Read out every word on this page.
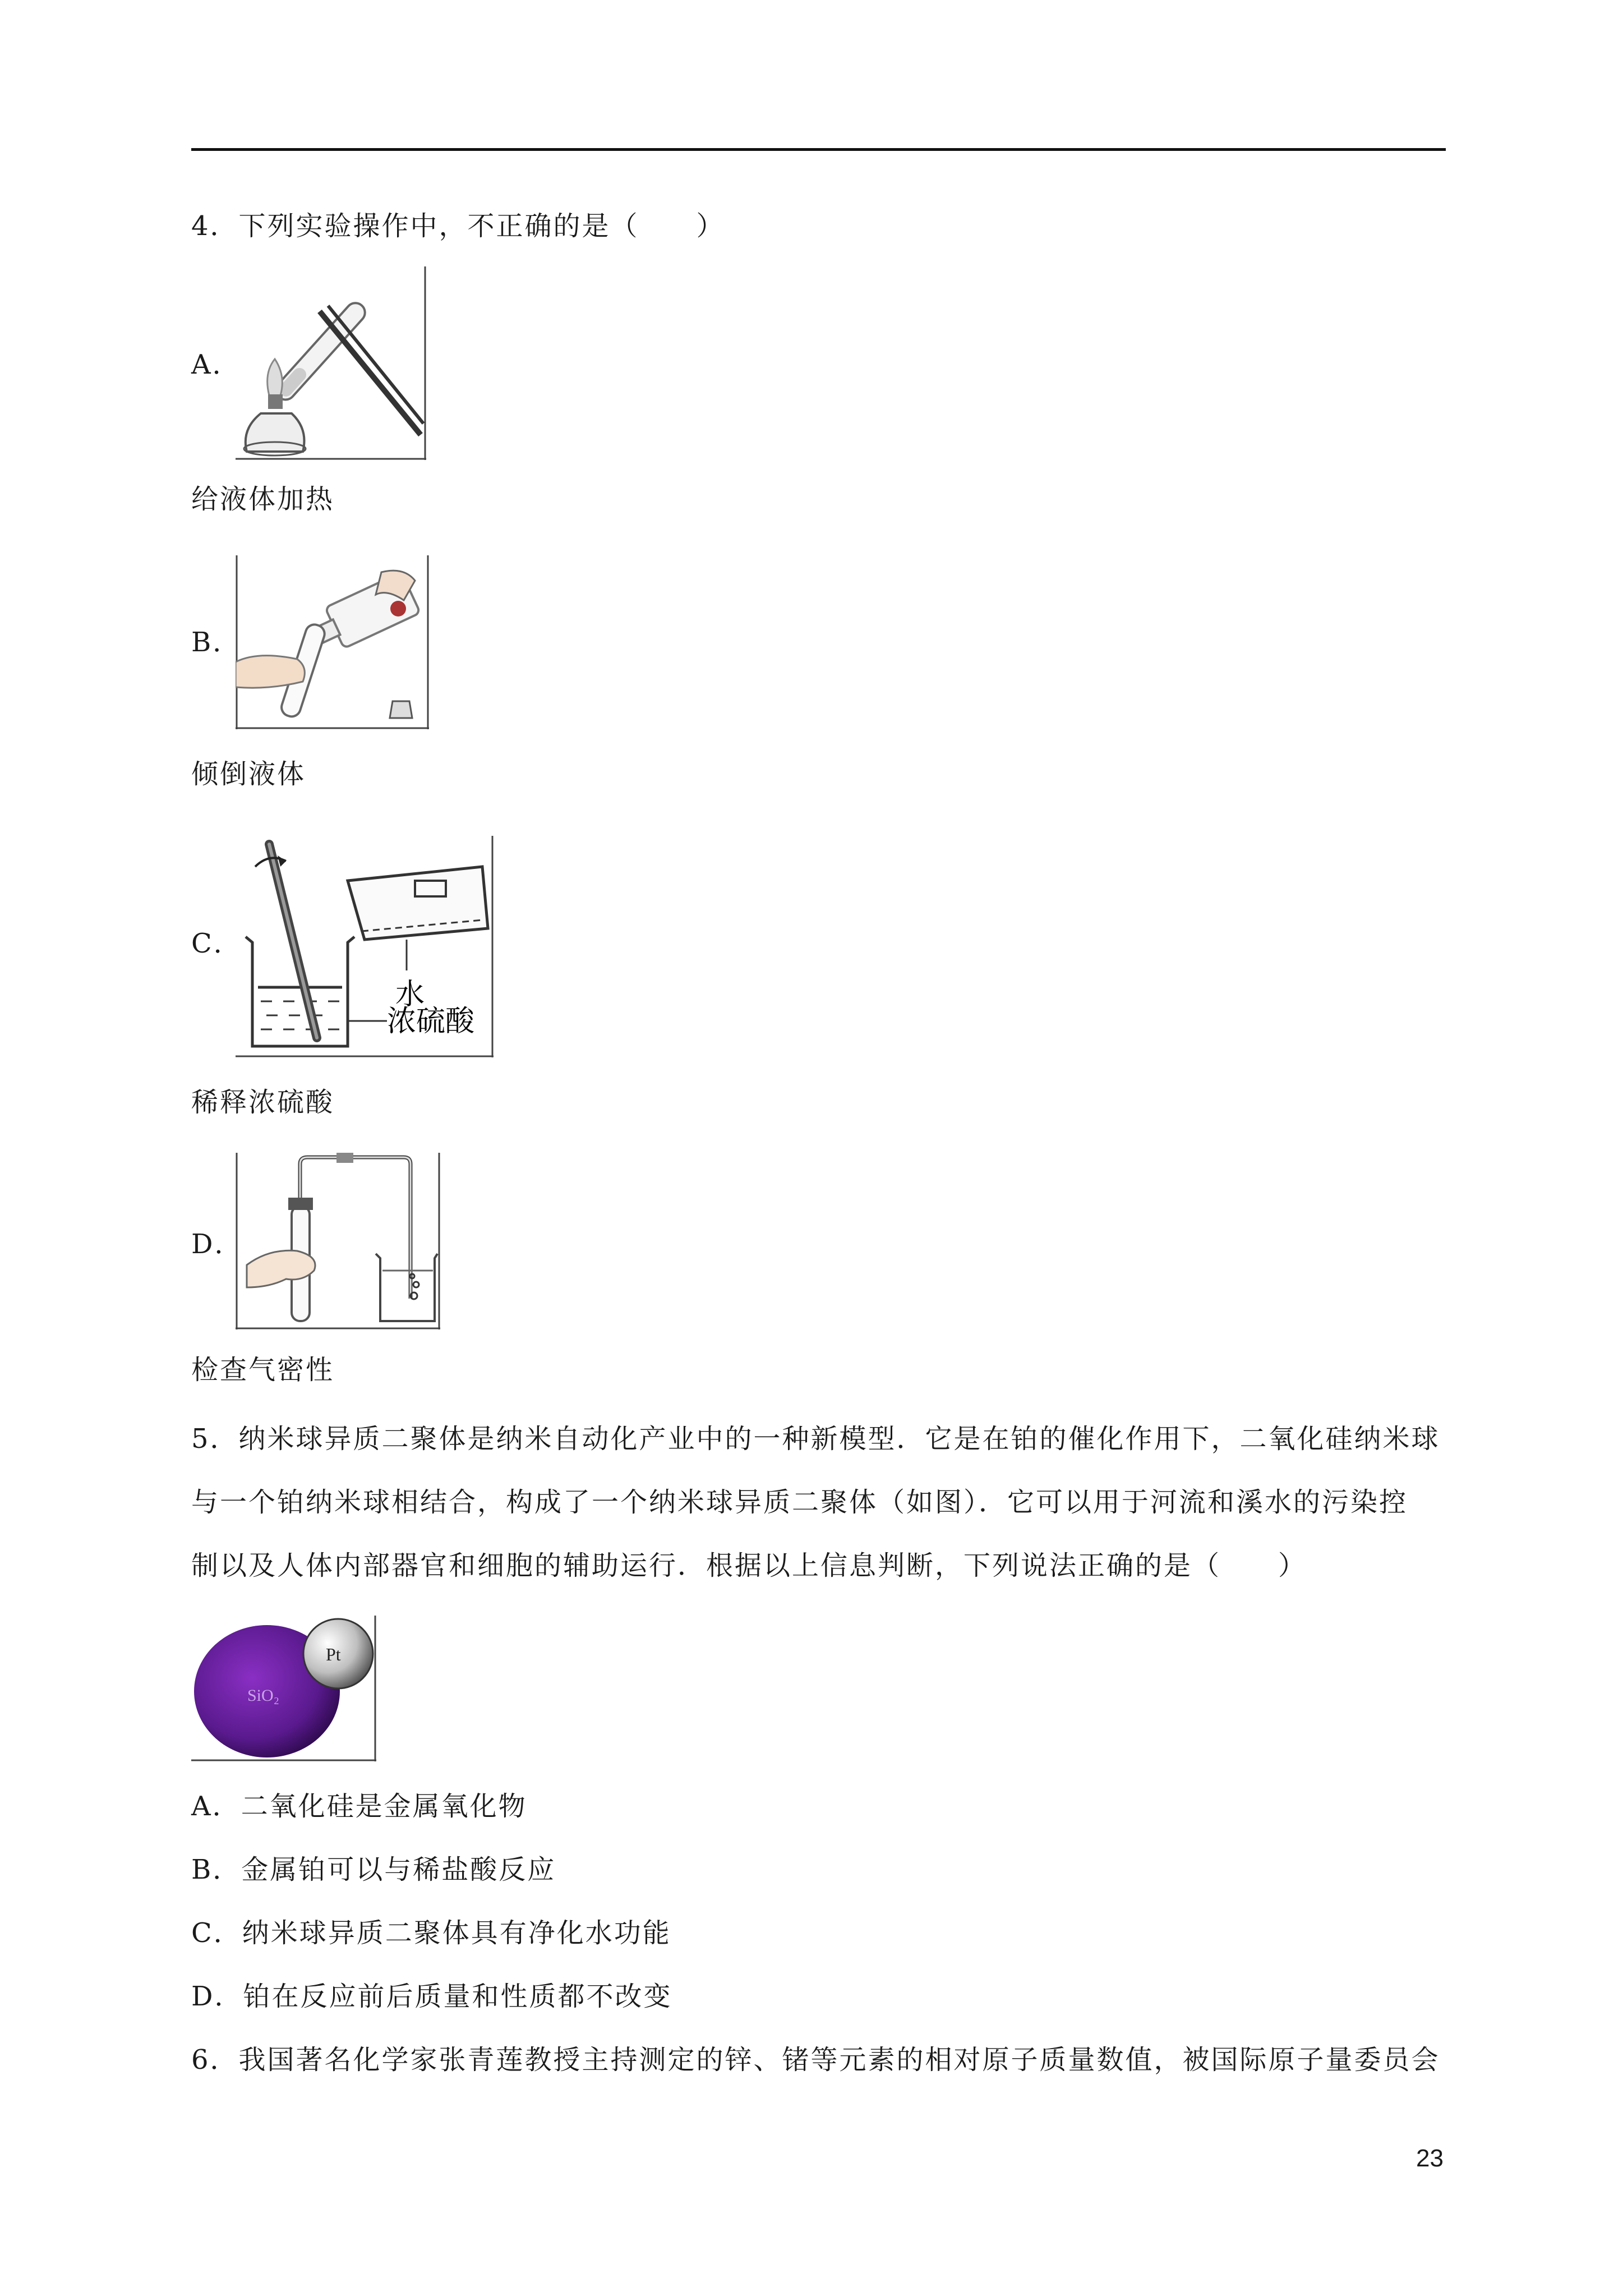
4．下列实验操作中，不正确的是（　　）
A．
给液体加热
B．
倾倒液体
C．
水
浓硫酸
稀释浓硫酸
D．
检查气密性
5．纳米球异质二聚体是纳米自动化产业中的一种新模型．它是在铂的催化作用下，二氧化硅纳米球
与一个铂纳米球相结合，构成了一个纳米球异质二聚体（如图）．它可以用于河流和溪水的污染控
制以及人体内部器官和细胞的辅助运行．根据以上信息判断，下列说法正确的是（　　）
SiO₂
Pt
A．二氧化硅是金属氧化物
B．金属铂可以与稀盐酸反应
C．纳米球异质二聚体具有净化水功能
D．铂在反应前后质量和性质都不改变
6．我国著名化学家张青莲教授主持测定的锌、锗等元素的相对原子质量数值，被国际原子量委员会
23
